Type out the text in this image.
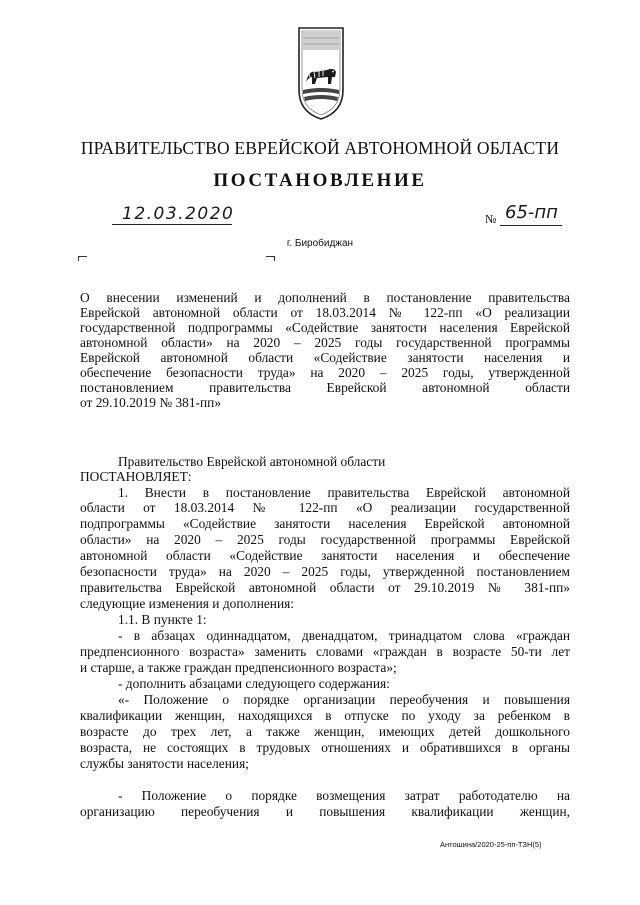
ПРАВИТЕЛЬСТВО ЕВРЕЙСКОЙ АВТОНОМНОЙ ОБЛАСТИ
ПОСТАНОВЛЕНИЕ
12.03.2020	№ 65-пп
г. Биробиджан
О внесении изменений и дополнений в постановление правительства
Еврейской автономной области от 18.03.2014 № 122-пп «О реализации
государственной подпрограммы «Содействие занятости населения Еврейской
автономной области» на 2020 – 2025 годы государственной программы
Еврейской автономной области «Содействие занятости населения и
обеспечение безопасности труда» на 2020 – 2025 годы, утвержденной
постановлением правительства Еврейской автономной области
от 29.10.2019 № 381-пп»
Правительство Еврейской автономной области
ПОСТАНОВЛЯЕТ:
1. Внести в постановление правительства Еврейской автономной
области от 18.03.2014 № 122-пп «О реализации государственной
подпрограммы «Содействие занятости населения Еврейской автономной
области» на 2020 – 2025 годы государственной программы Еврейской
автономной области «Содействие занятости населения и обеспечение
безопасности труда» на 2020 – 2025 годы, утвержденной постановлением
правительства Еврейской автономной области от 29.10.2019 № 381-пп»
следующие изменения и дополнения:
1.1. В пункте 1:
- в абзацах одиннадцатом, двенадцатом, тринадцатом слова «граждан
предпенсионного возраста» заменить словами «граждан в возрасте 50-ти лет
и старше, а также граждан предпенсионного возраста»;
- дополнить абзацами следующего содержания:
«- Положение о порядке организации переобучения и повышения
квалификации женщин, находящихся в отпуске по уходу за ребенком в
возрасте до трех лет, а также женщин, имеющих детей дошкольного
возраста, не состоящих в трудовых отношениях и обратившихся в органы
службы занятости населения;
- Положение о порядке возмещения затрат работодателю на
организацию переобучения и повышения квалификации женщин,
Антошина/2020-25-пп-ТЗН(5)
